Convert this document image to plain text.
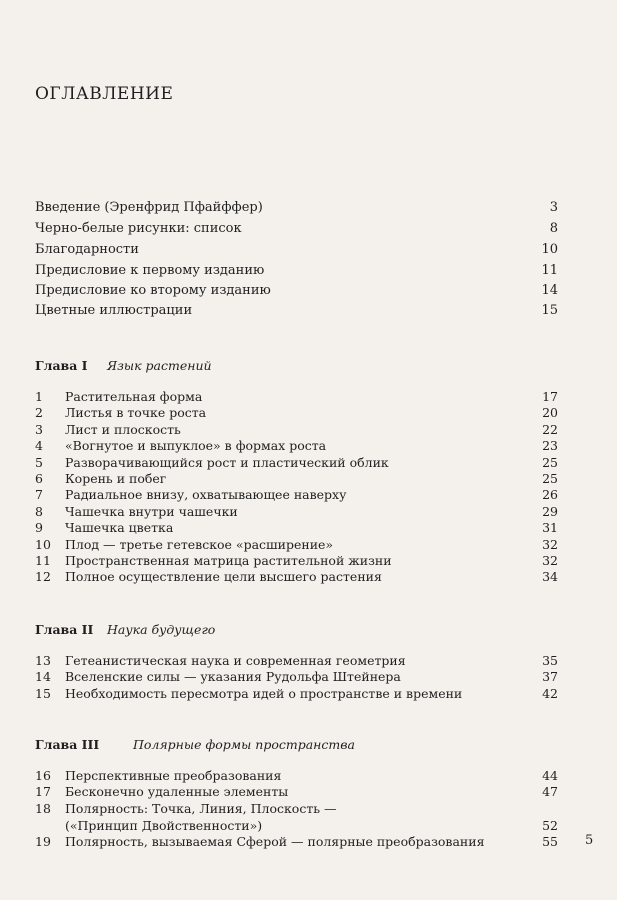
ОГЛАВЛЕНИЕ
Введение (Эренфрид Пфайффер)	3
Черно-белые рисунки: список	8
Благодарности	10
Предисловие к первому изданию	11
Предисловие ко второму изданию	14
Цветные иллюстрации	15
Глава I	Язык растений
1	Растительная форма	17
2	Листья в точке роста	20
3	Лист и плоскость	22
4	«Вогнутое и выпуклое» в формах роста	23
5	Разворачивающийся рост и пластический облик	25
6	Корень и побег	25
7	Радиальное внизу, охватывающее наверху	26
8	Чашечка внутри чашечки	29
9	Чашечка цветка	31
10	Плод — третье гетевское «расширение»	32
11	Пространственная матрица растительной жизни	32
12	Полное осуществление цели высшего растения	34
Глава II	Наука будущего
13	Гетеанистическая наука и современная геометрия	35
14	Вселенские силы — указания Рудольфа Штейнера	37
15	Необходимость пересмотра идей о пространстве и времени	42
Глава III	Полярные формы пространства
16	Перспективные преобразования	44
17	Бесконечно удаленные элементы	47
18	Полярность: Точка, Линия, Плоскость —
(«Принцип Двойственности»)	52
19	Полярность, вызываемая Сферой — полярные преобразования	55 5
